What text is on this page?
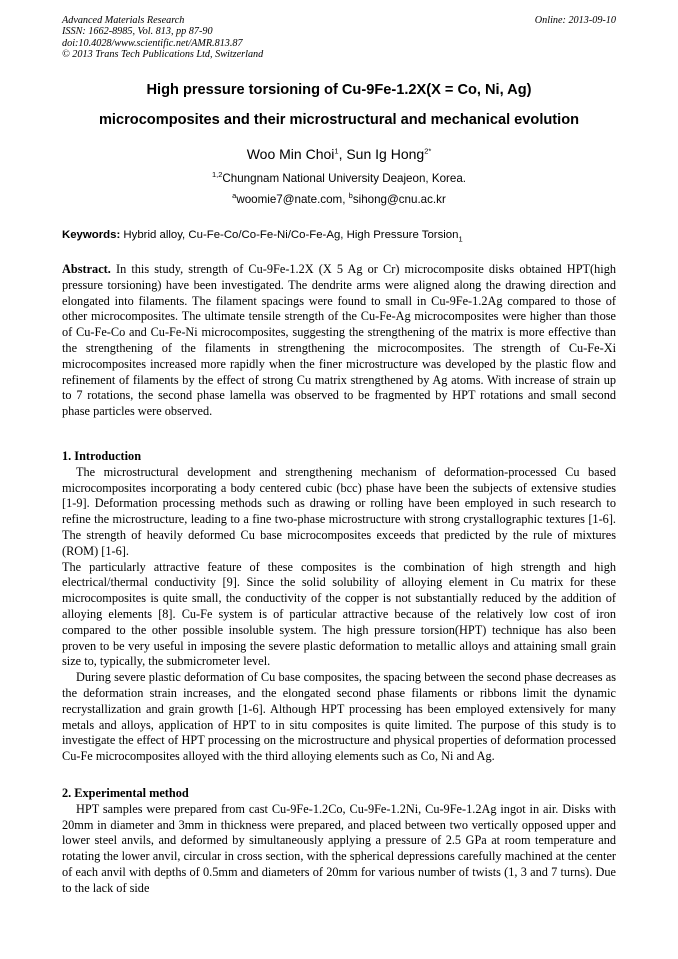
Advanced Materials Research
ISSN: 1662-8985, Vol. 813, pp 87-90
doi:10.4028/www.scientific.net/AMR.813.87
© 2013 Trans Tech Publications Ltd, Switzerland
Online: 2013-09-10
High pressure torsioning of Cu-9Fe-1.2X(X = Co, Ni, Ag)
microcomposites and their microstructural and mechanical evolution
Woo Min Choi$^1$, Sun Ig Hong$^{2*}$
$^{1,2}$Chungnam National University Deajeon, Korea.
$^a$woomie7@nate.com, $^b$sihong@cnu.ac.kr
Keywords: Hybrid alloy, Cu-Fe-Co/Co-Fe-Ni/Co-Fe-Ag, High Pressure Torsion$_1$

Abstract. In this study, strength of Cu-9Fe-1.2X (X 5 Ag or Cr) microcomposite disks obtained HPT(high pressure torsioning) have been investigated. The dendrite arms were aligned along the drawing direction and elongated into filaments. The filament spacings were found to small in Cu-9Fe-1.2Ag compared to those of other microcomposites. The ultimate tensile strength of the Cu-Fe-Ag microcomposites were higher than those of Cu-Fe-Co and Cu-Fe-Ni microcomposites, suggesting the strengthening of the matrix is more effective than the strengthening of the filaments in strengthening the microcomposites. The strength of Cu-Fe-Xi microcomposites increased more rapidly when the finer microstructure was developed by the plastic flow and refinement of filaments by the effect of strong Cu matrix strengthened by Ag atoms. With increase of strain up to 7 rotations, the second phase lamella was observed to be fragmented by HPT rotations and small second phase particles were observed.

1. Introduction

The microstructural development and strengthening mechanism of deformation-processed Cu based microcomposites incorporating a body centered cubic (bcc) phase have been the subjects of extensive studies [1-9]. Deformation processing methods such as drawing or rolling have been employed in such research to refine the microstructure, leading to a fine two-phase microstructure with strong crystallographic textures [1-6]. The strength of heavily deformed Cu base microcomposites exceeds that predicted by the rule of mixtures (ROM) [1-6].

The particularly attractive feature of these composites is the combination of high strength and high electrical/thermal conductivity [9]. Since the solid solubility of alloying element in Cu matrix for these microcomposites is quite small, the conductivity of the copper is not substantially reduced by the addition of alloying elements [8]. Cu-Fe system is of particular attractive because of the relatively low cost of iron compared to the other possible insoluble system. The high pressure torsion(HPT) technique has also been proven to be very useful in imposing the severe plastic deformation to metallic alloys and attaining small grain size to, typically, the submicrometer level.

During severe plastic deformation of Cu base composites, the spacing between the second phase decreases as the deformation strain increases, and the elongated second phase filaments or ribbons limit the dynamic recrystallization and grain growth [1-6]. Although HPT processing has been employed extensively for many metals and alloys, application of HPT to in situ composites is quite limited. The purpose of this study is to investigate the effect of HPT processing on the microstructure and physical properties of deformation processed Cu-Fe microcomposites alloyed with the third alloying elements such as Co, Ni and Ag.

2. Experimental method

HPT samples were prepared from cast Cu-9Fe-1.2Co, Cu-9Fe-1.2Ni, Cu-9Fe-1.2Ag ingot in air. Disks with 20mm in diameter and 3mm in thickness were prepared, and placed between two vertically opposed upper and lower steel anvils, and deformed by simultaneously applying a pressure of 2.5 GPa at room temperature and rotating the lower anvil, circular in cross section, with the spherical depressions carefully machined at the center of each anvil with depths of 0.5mm and diameters of 20mm for various number of twists (1, 3 and 7 turns). Due to the lack of side
